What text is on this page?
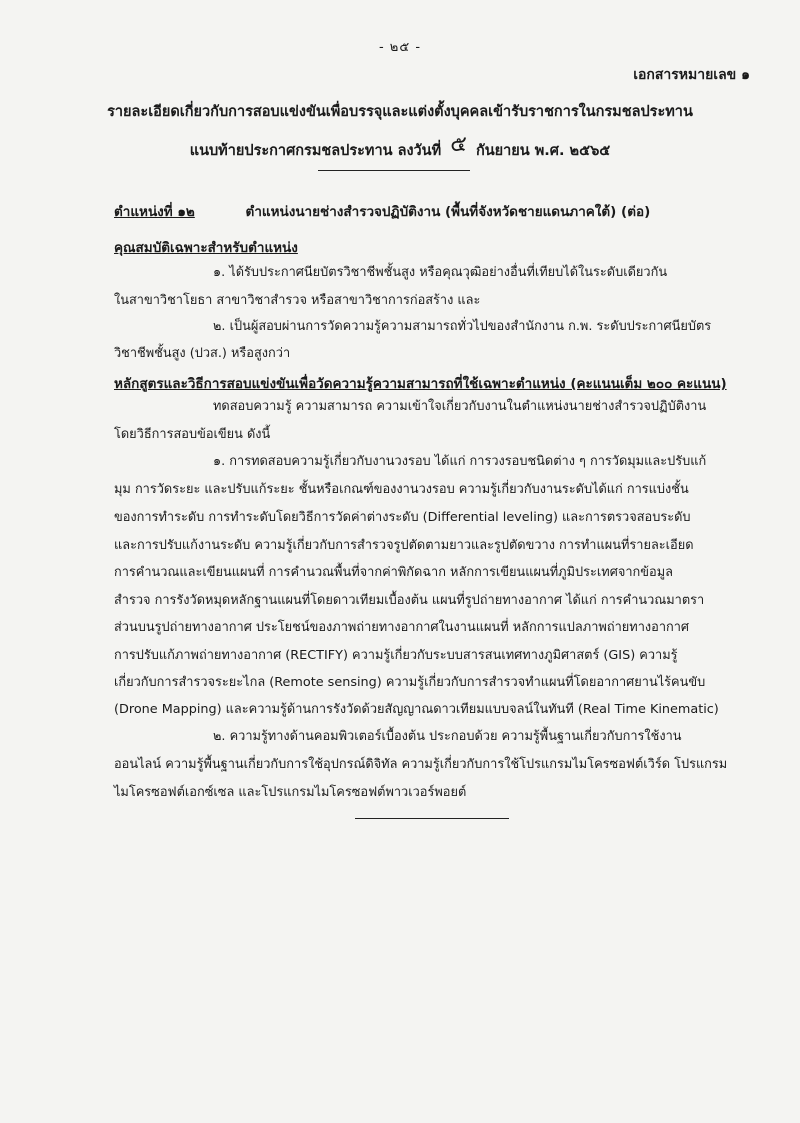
- ๒๕ -
เอกสารหมายเลข ๑
รายละเอียดเกี่ยวกับการสอบแข่งขันเพื่อบรรจุและแต่งตั้งบุคคลเข้ารับราชการในกรมชลประทาน
แนบท้ายประกาศกรมชลประทาน ลงวันที่ ๕ กันยายน พ.ศ. ๒๕๖๕
ตำแหน่งที่ ๑๒	ตำแหน่งนายช่างสำรวจปฏิบัติงาน (พื้นที่จังหวัดชายแดนภาคใต้) (ต่อ)
คุณสมบัติเฉพาะสำหรับตำแหน่ง
๑. ได้รับประกาศนียบัตรวิชาชีพชั้นสูง หรือคุณวุฒิอย่างอื่นที่เทียบได้ในระดับเดียวกัน
ในสาขาวิชาโยธา สาขาวิชาสำรวจ หรือสาขาวิชาการก่อสร้าง และ
๒. เป็นผู้สอบผ่านการวัดความรู้ความสามารถทั่วไปของสำนักงาน ก.พ. ระดับประกาศนียบัตร
วิชาชีพชั้นสูง (ปวส.) หรือสูงกว่า
หลักสูตรและวิธีการสอบแข่งขันเพื่อวัดความรู้ความสามารถที่ใช้เฉพาะตำแหน่ง (คะแนนเต็ม ๒๐๐ คะแนน)
ทดสอบความรู้ ความสามารถ ความเข้าใจเกี่ยวกับงานในตำแหน่งนายช่างสำรวจปฏิบัติงาน
โดยวิธีการสอบข้อเขียน ดังนี้
๑. การทดสอบความรู้เกี่ยวกับงานวงรอบ ได้แก่ การวงรอบชนิดต่าง ๆ การวัดมุมและปรับแก้
มุม การวัดระยะ และปรับแก้ระยะ ชั้นหรือเกณฑ์ของงานวงรอบ ความรู้เกี่ยวกับงานระดับได้แก่ การแบ่งชั้น
ของการทำระดับ การทำระดับโดยวิธีการวัดค่าต่างระดับ (Differential leveling) และการตรวจสอบระดับ
และการปรับแก้งานระดับ ความรู้เกี่ยวกับการสำรวจรูปตัดตามยาวและรูปตัดขวาง การทำแผนที่รายละเอียด
การคำนวณและเขียนแผนที่ การคำนวณพื้นที่จากค่าพิกัดฉาก หลักการเขียนแผนที่ภูมิประเทศจากข้อมูล
สำรวจ การรังวัดหมุดหลักฐานแผนที่โดยดาวเทียมเบื้องต้น แผนที่รูปถ่ายทางอากาศ ได้แก่ การคำนวณมาตรา
ส่วนบนรูปถ่ายทางอากาศ ประโยชน์ของภาพถ่ายทางอากาศในงานแผนที่ หลักการแปลภาพถ่ายทางอากาศ
การปรับแก้ภาพถ่ายทางอากาศ (RECTIFY) ความรู้เกี่ยวกับระบบสารสนเทศทางภูมิศาสตร์ (GIS) ความรู้
เกี่ยวกับการสำรวจระยะไกล (Remote sensing) ความรู้เกี่ยวกับการสำรวจทำแผนที่โดยอากาศยานไร้คนขับ
(Drone Mapping) และความรู้ด้านการรังวัดด้วยสัญญาณดาวเทียมแบบจลน์ในทันที (Real Time Kinematic)
๒. ความรู้ทางด้านคอมพิวเตอร์เบื้องต้น ประกอบด้วย ความรู้พื้นฐานเกี่ยวกับการใช้งาน
ออนไลน์ ความรู้พื้นฐานเกี่ยวกับการใช้อุปกรณ์ดิจิทัล ความรู้เกี่ยวกับการใช้โปรแกรมไมโครซอฟต์เวิร์ด โปรแกรม
ไมโครซอฟต์เอกซ์เซล และโปรแกรมไมโครซอฟต์พาวเวอร์พอยต์
